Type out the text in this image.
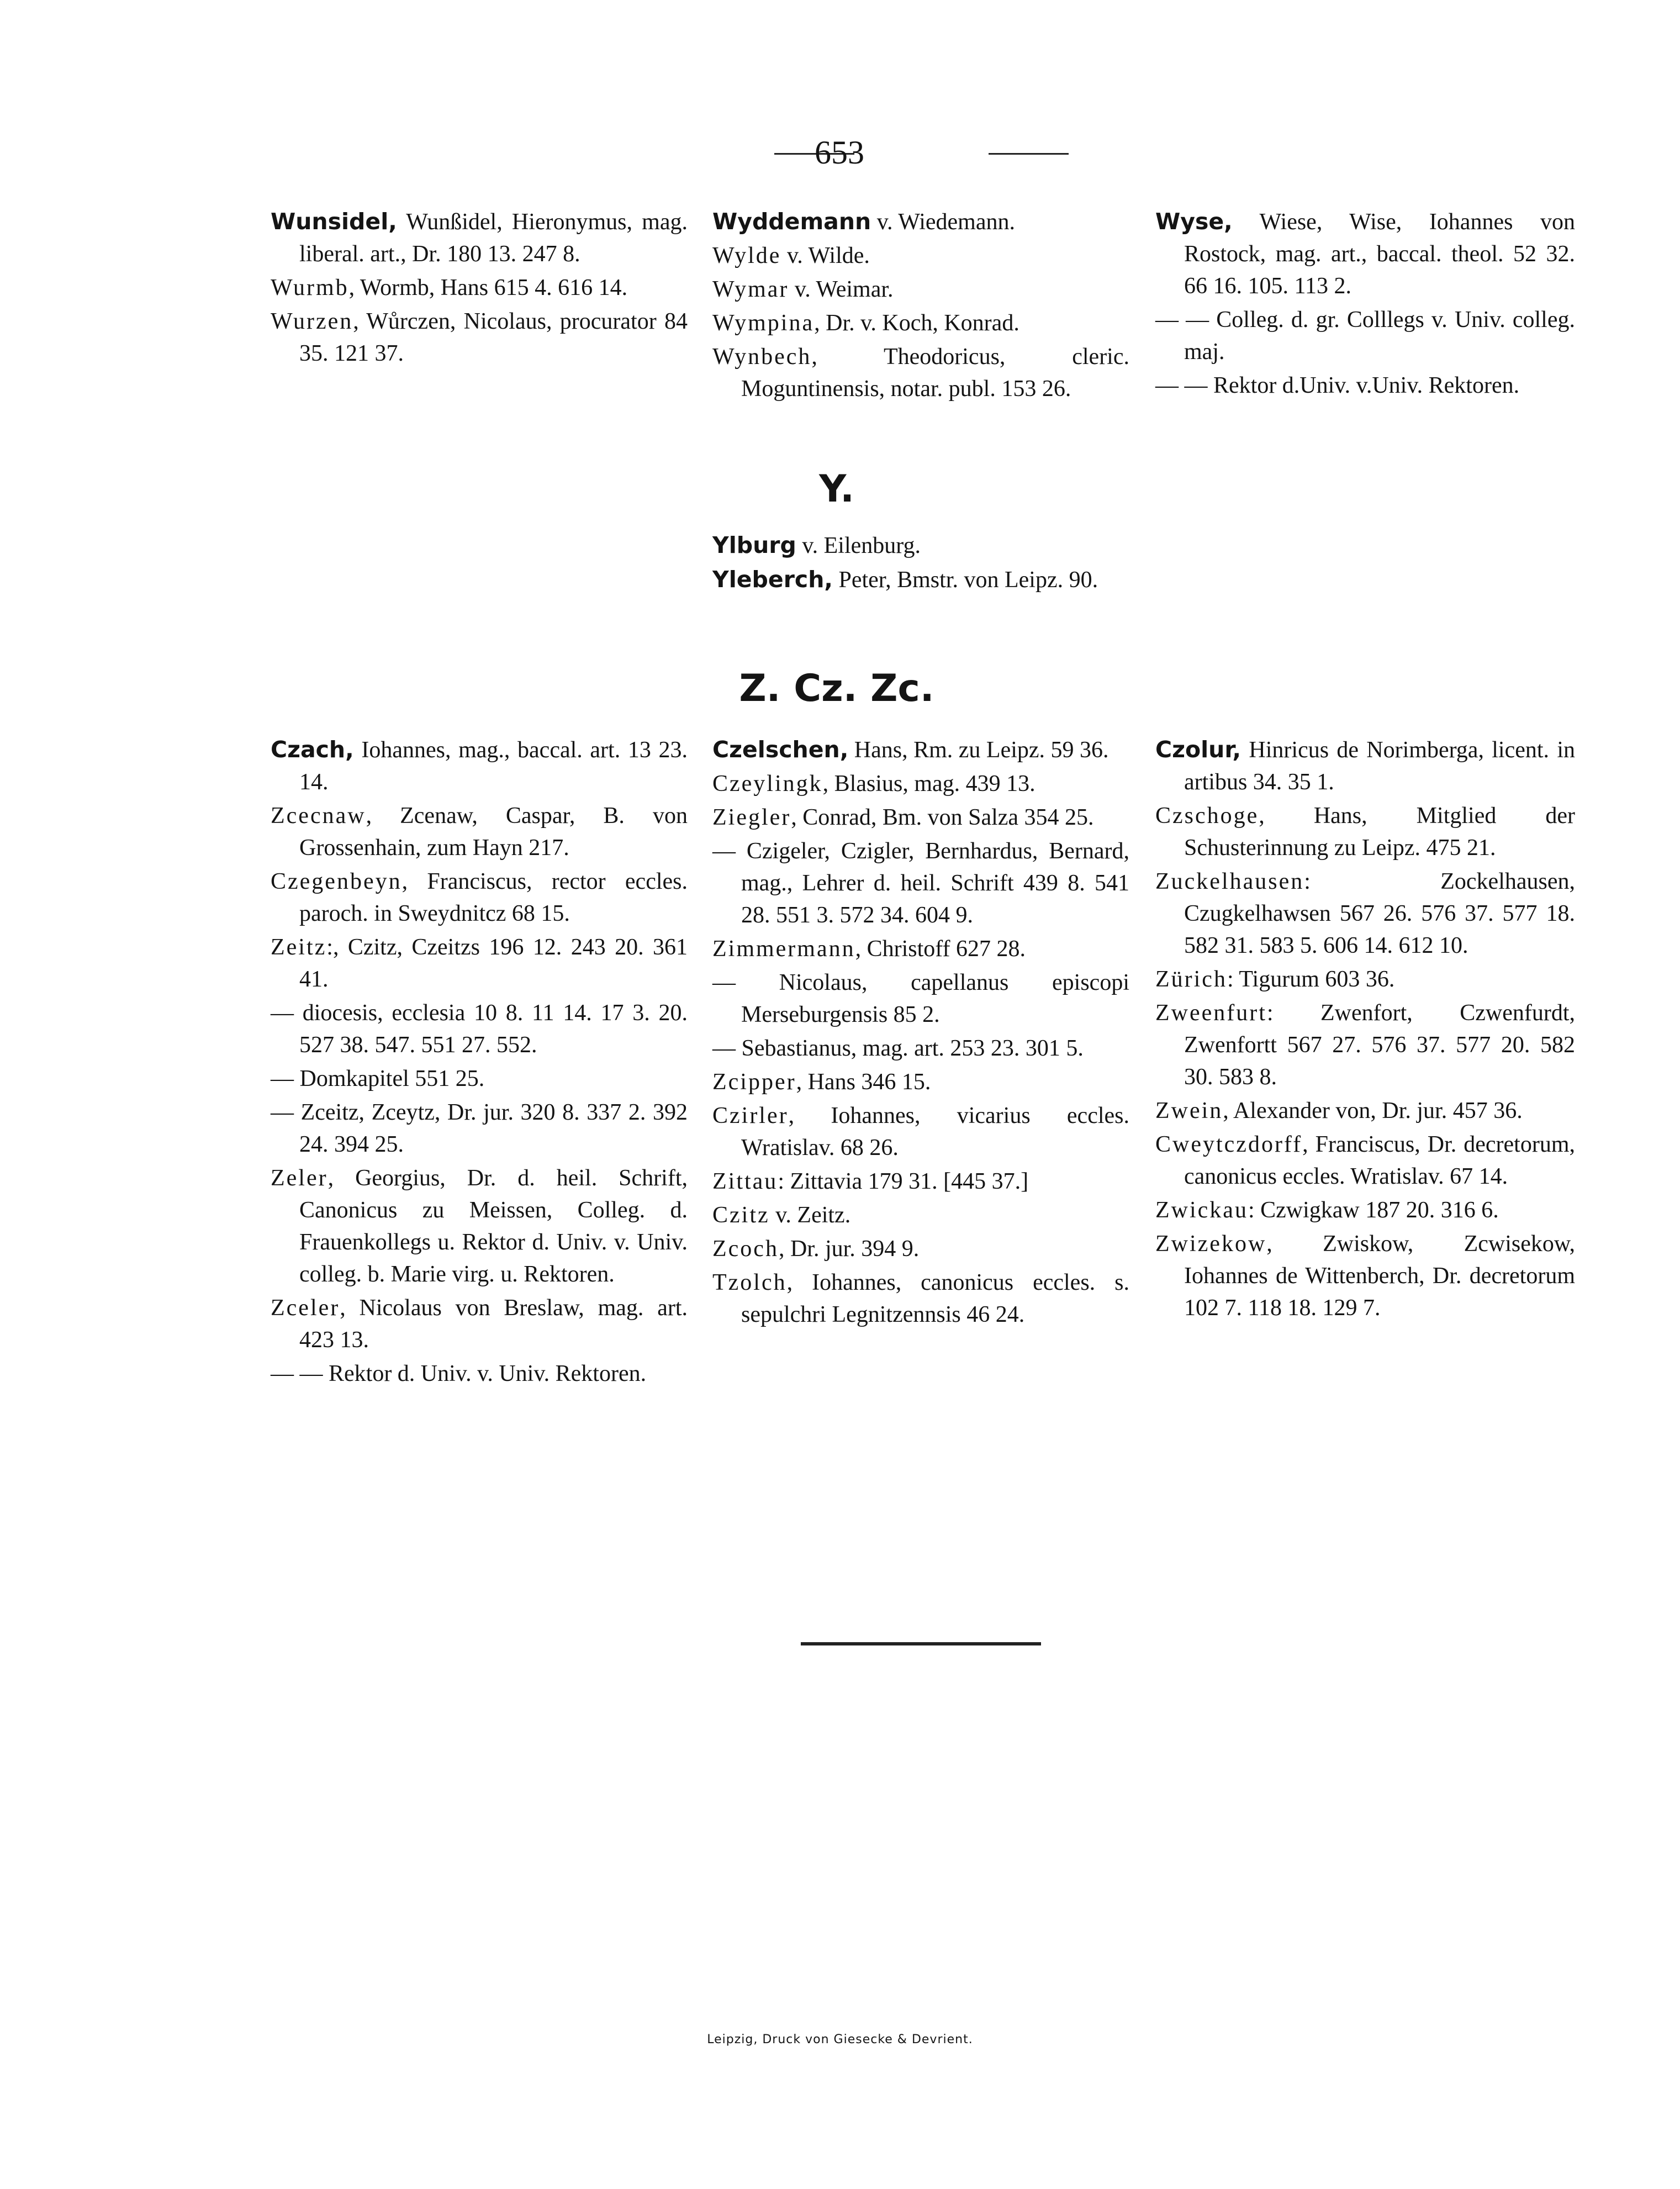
653

Wunsidel, Wunßidel, Hieronymus, mag. liberal. art., Dr. 180 13. 247 8.

Wurmb, Wormb, Hans 615 4. 616 14.

Wurzen, Wůrczen, Nicolaus, procurator 84 35. 121 37.

Wyddemann v. Wiedemann.

Wylde v. Wilde.

Wymar v. Weimar.

Wympina, Dr. v. Koch, Konrad.

Wynbech, Theodoricus, cleric. Moguntinensis, notar. publ. 153 26.

Wyse, Wiese, Wise, Iohannes von Rostock, mag. art., baccal. theol. 52 32. 66 16. 105. 113 2.

— — Colleg. d. gr. Colllegs v. Univ. colleg. maj.

— — Rektor d.Univ. v.Univ. Rektoren.

Y.

Ylburg v. Eilenburg.

Yleberch, Peter, Bmstr. von Leipz. 90.

Z. Cz. Zc.

Czach, Iohannes, mag., baccal. art. 13 23. 14.

Zcecnaw, Zcenaw, Caspar, B. von Grossenhain, zum Hayn 217.

Czegenbeyn, Franciscus, rector eccles. paroch. in Sweydnitcz 68 15.

Zeitz:, Czitz, Czeitzs 196 12. 243 20. 361 41.

— diocesis, ecclesia 10 8. 11 14. 17 3. 20. 527 38. 547. 551 27. 552.

— Domkapitel 551 25.

— Zceitz, Zceytz, Dr. jur. 320 8. 337 2. 392 24. 394 25.

Zeler, Georgius, Dr. d. heil. Schrift, Canonicus zu Meissen, Colleg. d. Frauenkollegs u. Rektor d. Univ. v. Univ. colleg. b. Marie virg. u. Rektoren.

Zceler, Nicolaus von Breslaw, mag. art. 423 13.

— — Rektor d. Univ. v. Univ. Rektoren.

Czelschen, Hans, Rm. zu Leipz. 59 36.

Czeylingk, Blasius, mag. 439 13.

Ziegler, Conrad, Bm. von Salza 354 25.

— Czigeler, Czigler, Bernhardus, Bernard, mag., Lehrer d. heil. Schrift 439 8. 541 28. 551 3. 572 34. 604 9.

Zimmermann, Christoff 627 28.

— Nicolaus, capellanus episcopi Merseburgensis 85 2.

— Sebastianus, mag. art. 253 23. 301 5.

Zcipper, Hans 346 15.

Czirler, Iohannes, vicarius eccles. Wratislav. 68 26.

Zittau: Zittavia 179 31. [445 37.]

Czitz v. Zeitz.

Zcoch, Dr. jur. 394 9.

Tzolch, Iohannes, canonicus eccles. s. sepulchri Legnitzennsis 46 24.

Czolur, Hinricus de Norimberga, licent. in artibus 34. 35 1.

Czschoge, Hans, Mitglied der Schusterinnung zu Leipz. 475 21.

Zuckelhausen: Zockelhausen, Czugkelhawsen 567 26. 576 37. 577 18. 582 31. 583 5. 606 14. 612 10.

Zürich: Tigurum 603 36.

Zweenfurt: Zwenfort, Czwenfurdt, Zwenfortt 567 27. 576 37. 577 20. 582 30. 583 8.

Zwein, Alexander von, Dr. jur. 457 36.

Cweytczdorff, Franciscus, Dr. decretorum, canonicus eccles. Wratislav. 67 14.

Zwickau: Czwigkaw 187 20. 316 6.

Zwizekow, Zwiskow, Zcwisekow, Iohannes de Wittenberch, Dr. decretorum 102 7. 118 18. 129 7.

Leipzig, Druck von Giesecke & Devrient.
